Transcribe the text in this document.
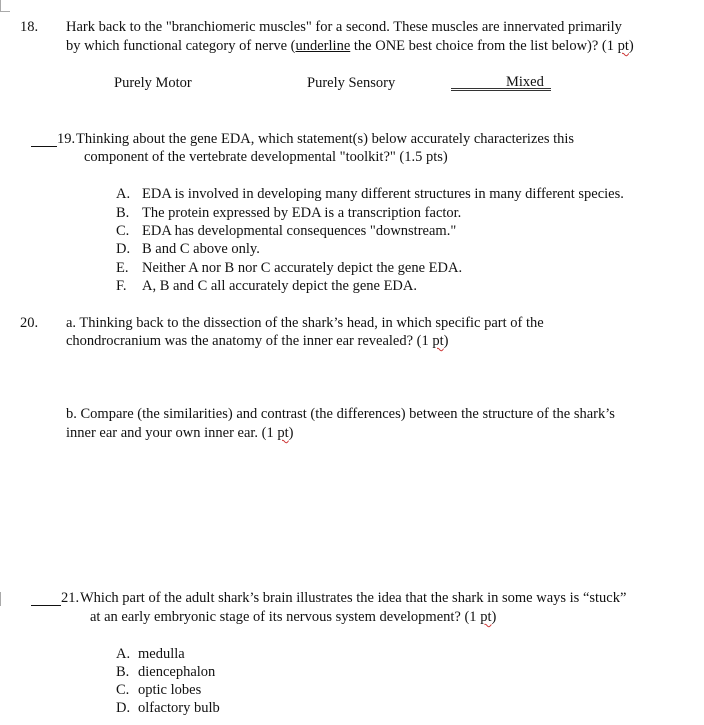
18. Hark back to the "branchiomeric muscles" for a second. These muscles are innervated primarily
by which functional category of nerve (underline the ONE best choice from the list below)? (1 pt)
Purely Motor	Purely Sensory	Mixed
19. Thinking about the gene EDA, which statement(s) below accurately characterizes this
component of the vertebrate developmental "toolkit?" (1.5 pts)
A. EDA is involved in developing many different structures in many different species.
B. The protein expressed by EDA is a transcription factor.
C. EDA has developmental consequences "downstream."
D. B and C above only.
E. Neither A nor B nor C accurately depict the gene EDA.
F. A, B and C all accurately depict the gene EDA.
20. a. Thinking back to the dissection of the shark’s head, in which specific part of the
chondrocranium was the anatomy of the inner ear revealed? (1 pt)
b. Compare (the similarities) and contrast (the differences) between the structure of the shark’s
inner ear and your own inner ear. (1 pt)
21. Which part of the adult shark’s brain illustrates the idea that the shark in some ways is “stuck”
at an early embryonic stage of its nervous system development? (1 pt)
A. medulla
B. diencephalon
C. optic lobes
D. olfactory bulb
